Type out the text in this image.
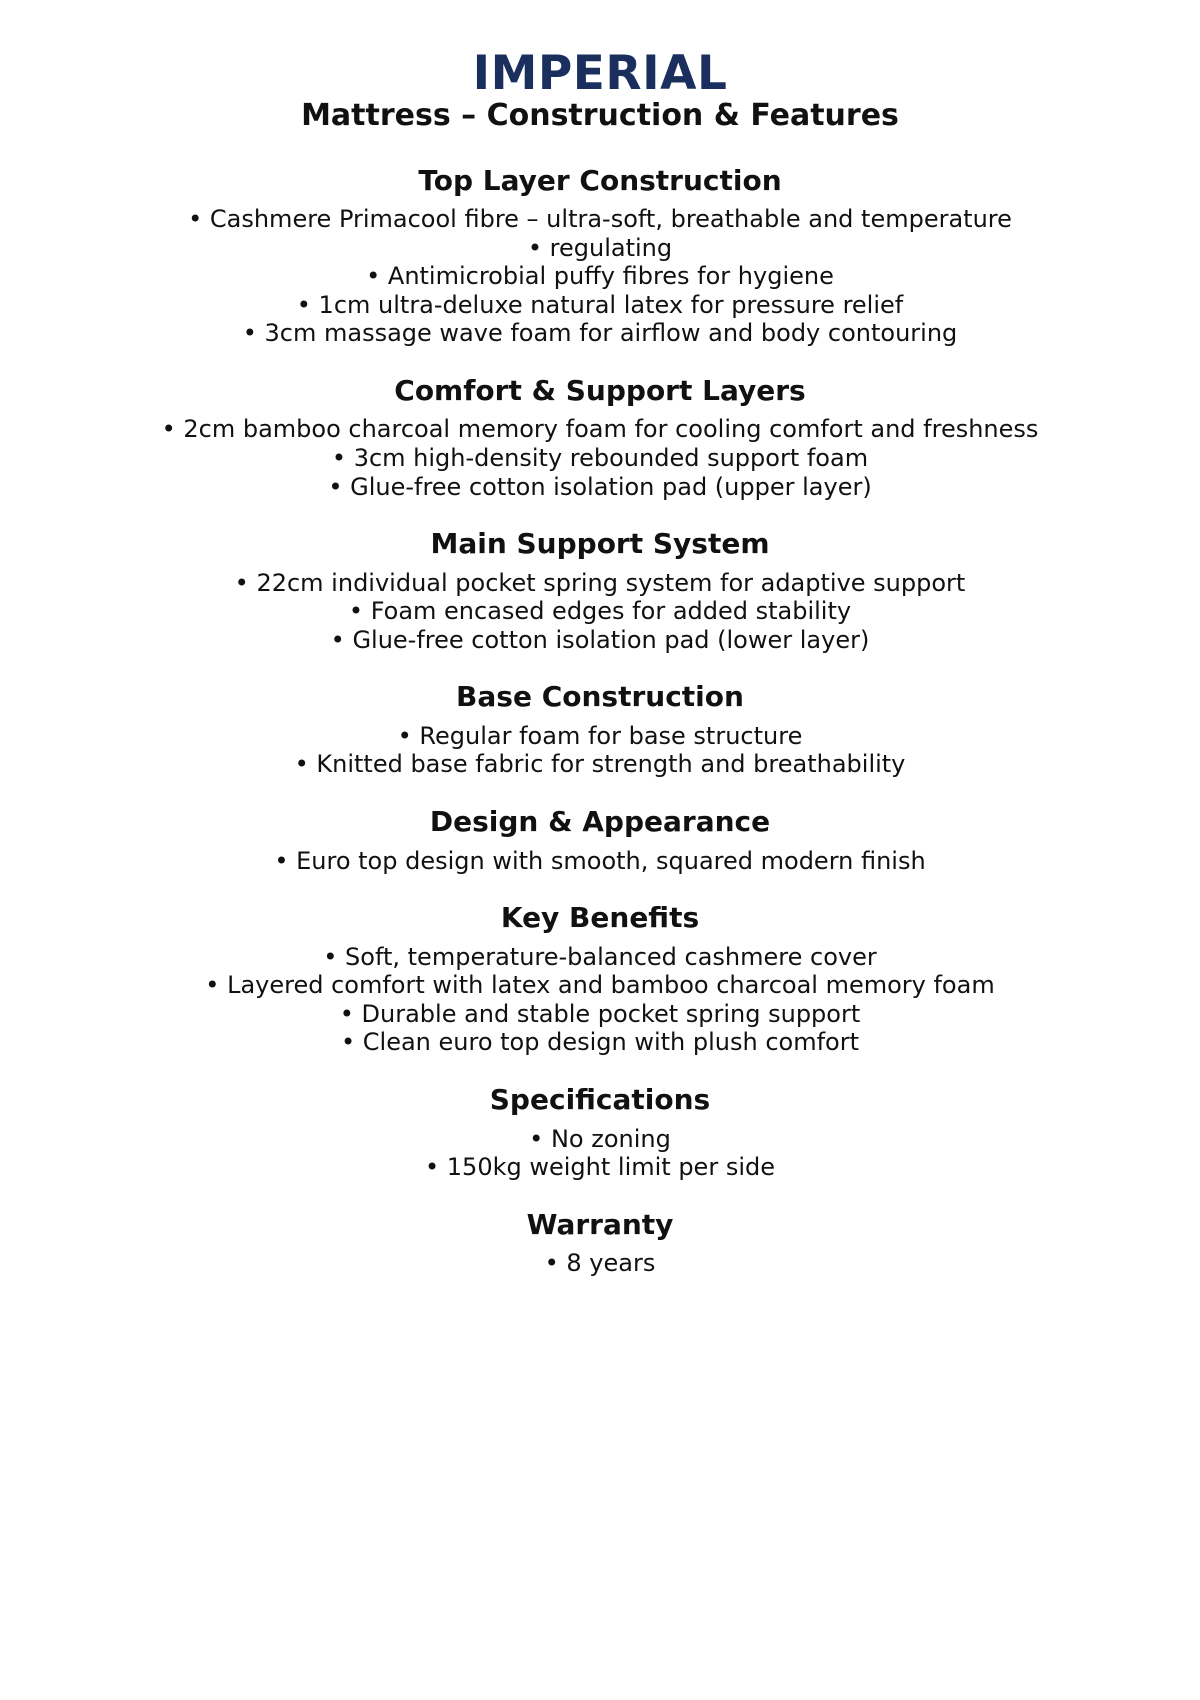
IMPERIAL
Mattress – Construction & Features
Top Layer Construction
• Cashmere Primacool fibre – ultra-soft, breathable and temperature
• regulating
• Antimicrobial puffy fibres for hygiene
• 1cm ultra-deluxe natural latex for pressure relief
• 3cm massage wave foam for airflow and body contouring
Comfort & Support Layers
• 2cm bamboo charcoal memory foam for cooling comfort and freshness
• 3cm high-density rebounded support foam
• Glue-free cotton isolation pad (upper layer)
Main Support System
• 22cm individual pocket spring system for adaptive support
• Foam encased edges for added stability
• Glue-free cotton isolation pad (lower layer)
Base Construction
• Regular foam for base structure
• Knitted base fabric for strength and breathability
Design & Appearance
• Euro top design with smooth, squared modern finish
Key Benefits
• Soft, temperature-balanced cashmere cover
• Layered comfort with latex and bamboo charcoal memory foam
• Durable and stable pocket spring support
• Clean euro top design with plush comfort
Specifications
• No zoning
• 150kg weight limit per side
Warranty
• 8 years
